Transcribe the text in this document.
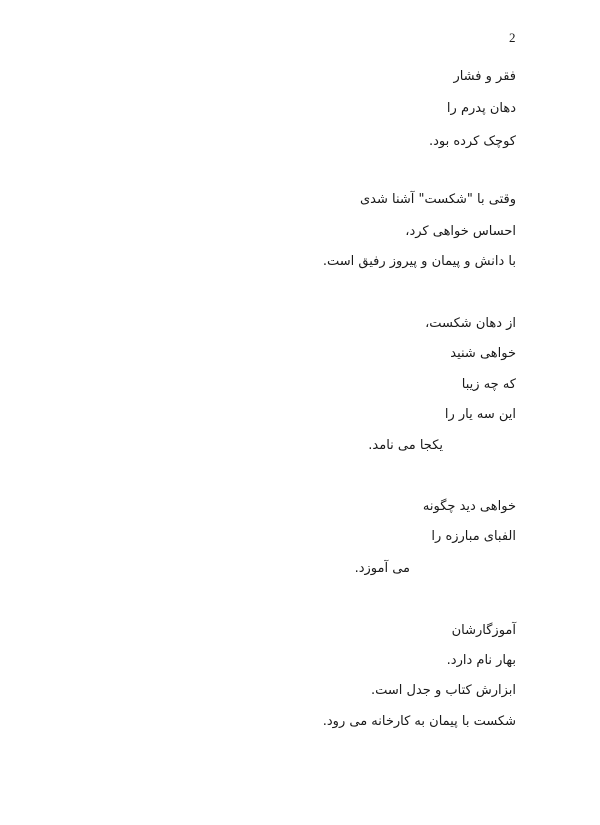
2
فقر و فشار
دهان پدرم را
کوچک کرده بود.
وقتی با "شکست" آشنا شدی
احساس خواهی کرد،
با دانش و پیمان و پیروز رفیق است.
از دهان شکست،
خواهی شنید
که چه زیبا
این سه یار را
یکجا می نامد.
خواهی دید چگونه
الفبای مبارزه را
می آموزد.
آموزگارشان
بهار نام دارد.
ابزارش کتاب و جدل است.
شکست با پیمان به کارخانه می رود.
